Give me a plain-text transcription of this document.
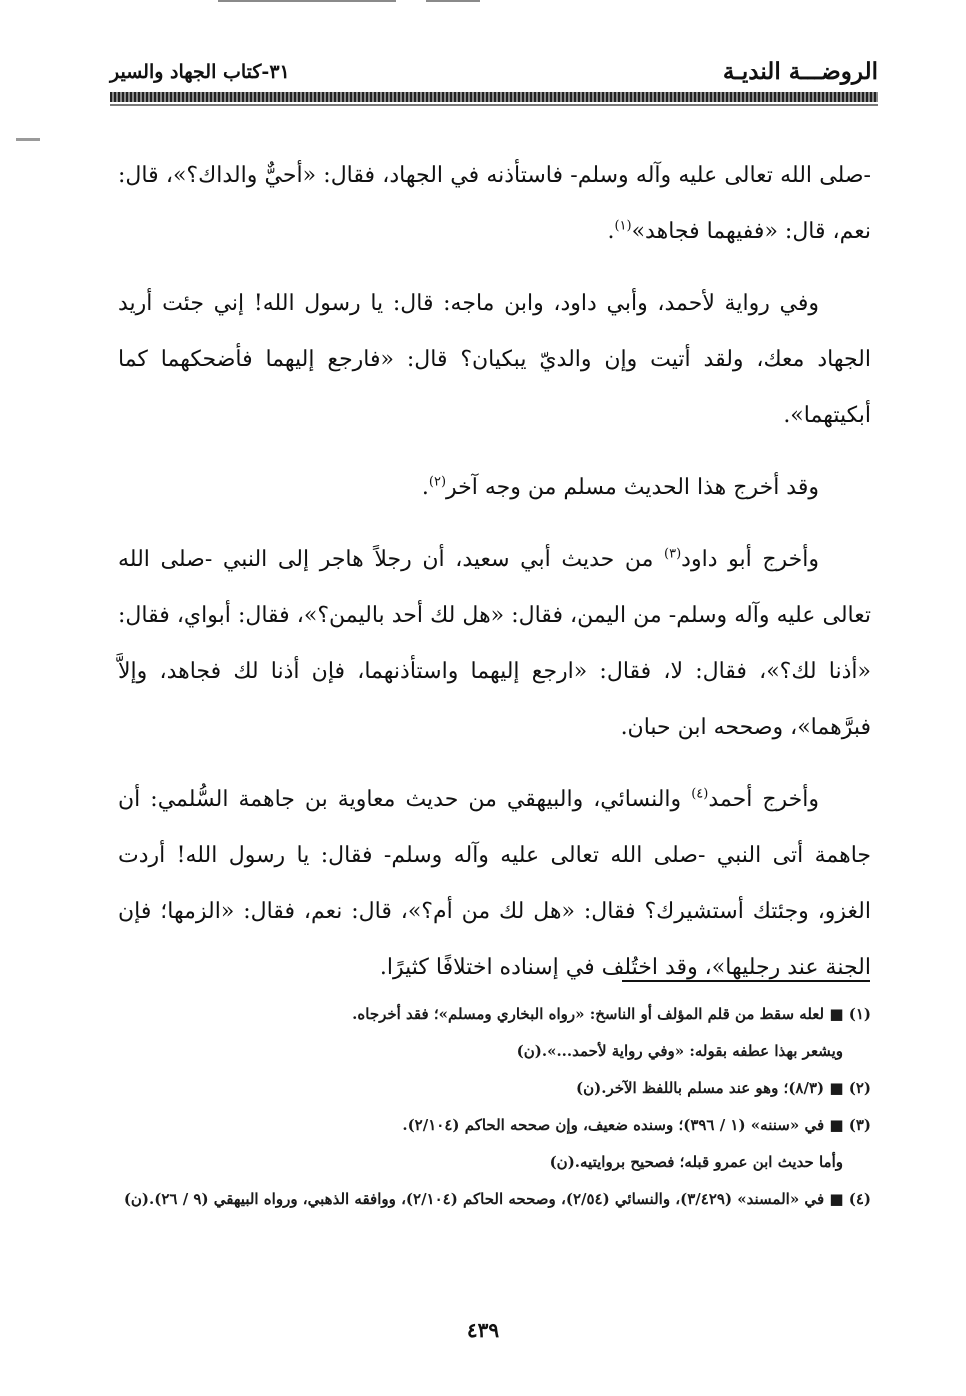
الروضـــة النديـة
٣١-كتاب الجهاد والسير

-صلى الله تعالى عليه وآله وسلم- فاستأذنه في الجهاد، فقال: «أحيٌّ والداك؟»، قال: نعم، قال: «ففيهما فجاهد»$^{(١)}$.

وفي رواية لأحمد، وأبي داود، وابن ماجه: قال: يا رسول الله! إني جئت أريد الجهاد معك، ولقد أتيت وإن والديّ يبكيان؟ قال: «فارجع إليهما فأضحكهما كما أبكيتهما».

وقد أخرج هذا الحديث مسلم من وجه آخر$^{(٢)}$.

وأخرج أبو داود$^{(٣)}$ من حديث أبي سعيد، أن رجلاً هاجر إلى النبي -صلى الله تعالى عليه وآله وسلم- من اليمن، فقال: «هل لك أحد باليمن؟»، فقال: أبواي، فقال: «أذنا لك؟»، فقال: لا، فقال: «ارجع إليهما واستأذنهما، فإن أذنا لك فجاهد، وإلاَّ فبرَّهما»، وصححه ابن حبان.

وأخرج أحمد$^{(٤)}$ والنسائي، والبيهقي من حديث معاوية بن جاهمة السُّلمي: أن جاهمة أتى النبي -صلى الله تعالى عليه وآله وسلم- فقال: يا رسول الله! أردت الغزو، وجئتك أستشيرك؟ فقال: «هل لك من أم؟»، قال: نعم، فقال: «الزمها؛ فإن الجنة عند رجليها»، وقد اختُلف في إسناده اختلافًا كثيرًا.

(١) ■ لعله سقط من قلم المؤلف أو الناسخ: «رواه البخاري ومسلم»؛ فقد أخرجاه.

ويشعر بهذا عطفه بقوله: «وفي رواية لأحمد...».(ن)

(٢) ■ (٨/٣)؛ وهو عند مسلم باللفظ الآخر.(ن)

(٣) ■ في «سننه» (١ / ٣٩٦)؛ وسنده ضعيف، وإن صححه الحاكم (٢/١٠٤).

وأما حديث ابن عمرو قبله؛ فصحيح بروايتيه.(ن)

(٤) ■ في «المسند» (٣/٤٢٩)، والنسائي (٢/٥٤)، وصححه الحاكم (٢/١٠٤)، ووافقه الذهبي، ورواه البيهقي (٩ / ٢٦).(ن)

٤٣٩
